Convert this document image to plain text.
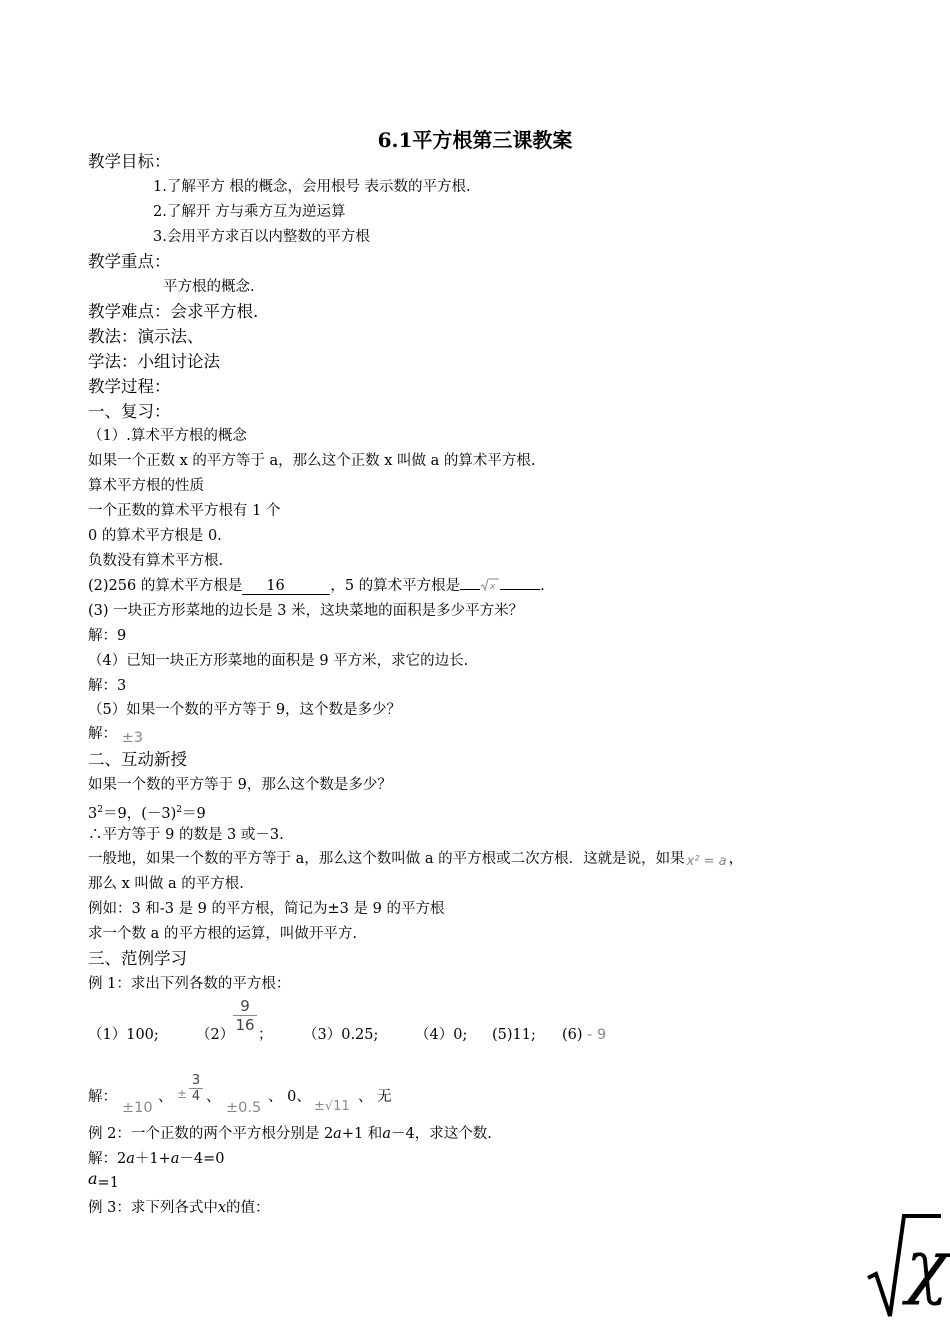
6.1平方根第三课教案
教学目标：
1.了解平方 根的概念，会用根号 表示数的平方根.
2.了解开 方与乘方互为逆运算
3.会用平方求百以内整数的平方根
教学重点：
平方根的概念.
教学难点：会求平方根.
教法：演示法、
学法：小组讨论法
教学过程：
一、复习：
（1）.算术平方根的概念
如果一个正数 x 的平方等于 a，那么这个正数 x 叫做 a 的算术平方根.
算术平方根的性质
一个正数的算术平方根有 1 个
0 的算术平方根是 0.
负数没有算术平方根.
(2)256 的算术平方根是 16	，5 的算术平方根是	x	.
(3) 一块正方形菜地的边长是 3 米，这块菜地的面积是多少平方米？
解：9
（4）已知一块正方形菜地的面积是 9 平方米，求它的边长.
解：3
（5）如果一个数的平方等于 9，这个数是多少？
解： ±3
二、互动新授
如果一个数的平方等于 9，那么这个数是多少？
$3^2=9$，$(-3)^2=9$
∴平方等于 9 的数是 3 或－3.
一般地，如果一个数的平方等于 a，那么这个数叫做 a 的平方根或二次方根．这就是说，如果 x² = a ，
那么 x 叫做 a 的平方根.
例如：3 和-3 是 9 的平方根，简记为±3 是 9 的平方根
求一个数 a 的平方根的运算，叫做开平方.
三、范例学习
例 1：求出下列各数的平方根：
（1）100;	（2）
9
16
； （3）0.25;	（4）0; (5)11; (6) - 9
解：
±10
、 ±
3
4 、
±0.5
、 0、
±√11
、 无
例 2：一个正数的两个平方根分别是 2a+1 和a－4，求这个数.
解：2a＋1+a－4=0
a=1
例 3：求下列各式中x的值：
χ
